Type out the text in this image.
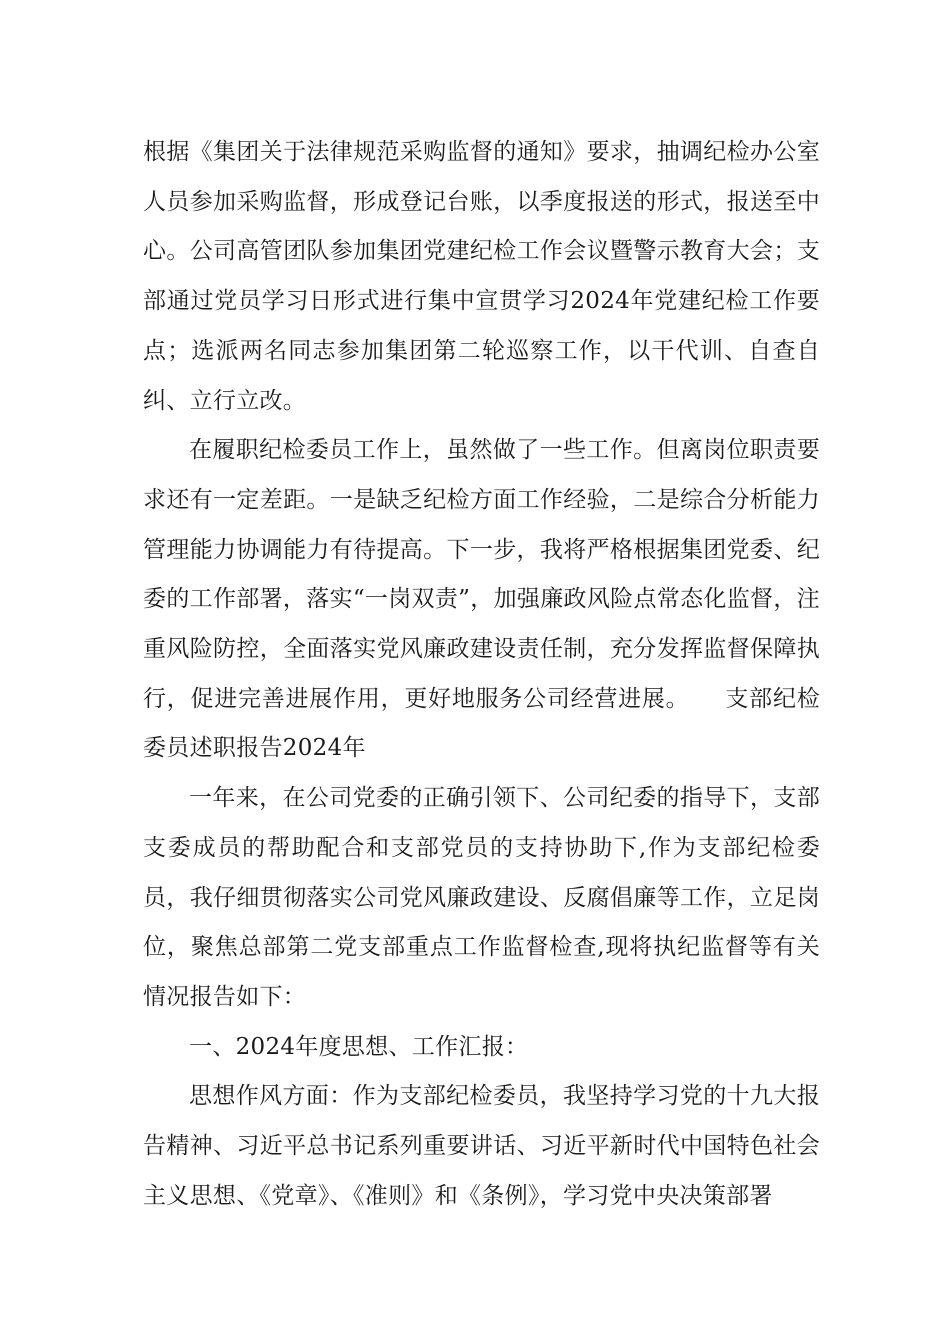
根据《集团关于法律规范采购监督的通知》要求，抽调纪检办公室人员参加采购监督，形成登记台账，以季度报送的形式，报送至中心。公司高管团队参加集团党建纪检工作会议暨警示教育大会；支部通过党员学习日形式进行集中宣贯学习2024年党建纪检工作要点；选派两名同志参加集团第二轮巡察工作，以干代训、自查自纠、立行立改。

在履职纪检委员工作上，虽然做了一些工作。但离岗位职责要求还有一定差距。一是缺乏纪检方面工作经验，二是综合分析能力管理能力协调能力有待提高。下一步，我将严格根据集团党委、纪委的工作部署，落实“一岗双责”，加强廉政风险点常态化监督，注重风险防控，全面落实党风廉政建设责任制，充分发挥监督保障执行，促进完善进展作用，更好地服务公司经营进展。　　支部纪检委员述职报告2024年

一年来，在公司党委的正确引领下、公司纪委的指导下，支部支委成员的帮助配合和支部党员的支持协助下,作为支部纪检委员，我仔细贯彻落实公司党风廉政建设、反腐倡廉等工作，立足岗位，聚焦总部第二党支部重点工作监督检查,现将执纪监督等有关情况报告如下：

一、2024年度思想、工作汇报：

思想作风方面：作为支部纪检委员，我坚持学习党的十九大报告精神、习近平总书记系列重要讲话、习近平新时代中国特色社会主义思想、《党章》、《准则》和《条例》，学习党中央决策部署
